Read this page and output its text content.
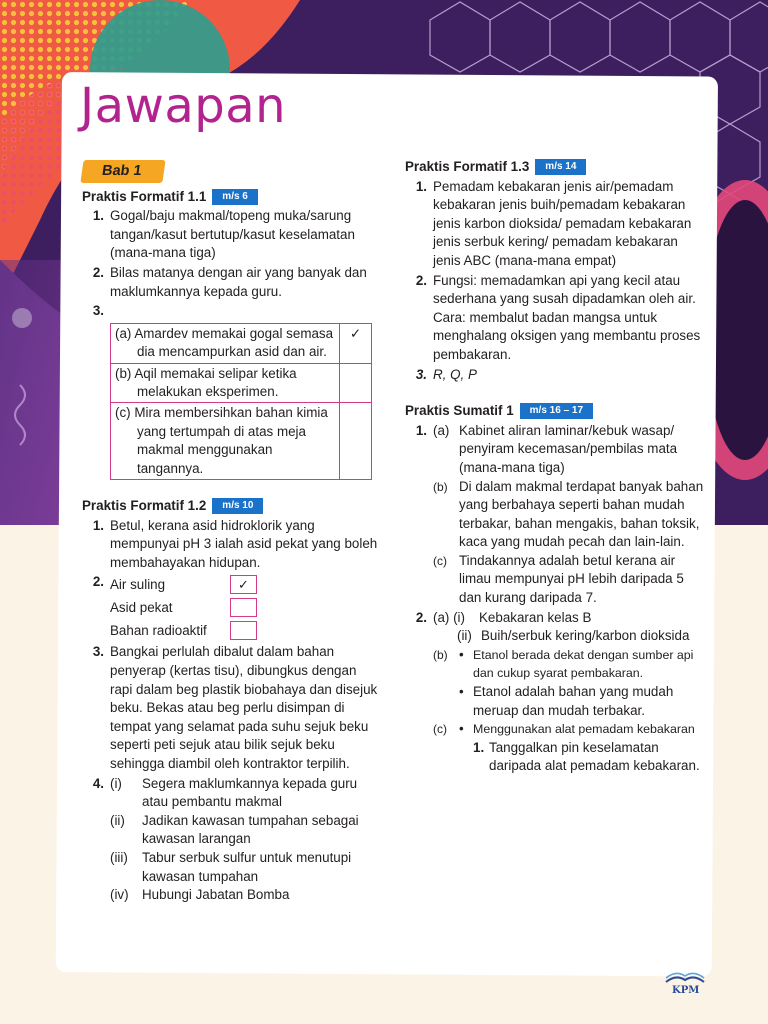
Jawapan
Bab 1
Praktis Formatif 1.1	m/s 6
1. Gogal/baju makmal/topeng muka/sarung tangan/kasut bertutup/kasut keselamatan (mana-mana tiga)
2. Bilas matanya dengan air yang banyak dan maklumkannya kepada guru.
3.
(a) Amardev memakai gogal semasa dia mencampurkan asid dan air.	✓
(b) Aqil memakai selipar ketika melakukan eksperimen.	
(c) Mira membersihkan bahan kimia yang tertumpah di atas meja makmal menggunakan tangannya.	
Praktis Formatif 1.2	m/s 10
1. Betul, kerana asid hidroklorik yang mempunyai pH 3 ialah asid pekat yang boleh membahayakan hidupan.
2. Air suling	✓
Asid pekat
Bahan radioaktif
3. Bangkai perlulah dibalut dalam bahan penyerap (kertas tisu), dibungkus dengan rapi dalam beg plastik biobahaya dan disejuk beku. Bekas atau beg perlu disimpan di tempat yang selamat pada suhu sejuk beku seperti peti sejuk atau bilik sejuk beku sehingga diambil oleh kontraktor terpilih.
4. (i)	Segera maklumkannya kepada guru atau pembantu makmal
(ii)	Jadikan kawasan tumpahan sebagai kawasan larangan
(iii)	Tabur serbuk sulfur untuk menutupi kawasan tumpahan
(iv)	Hubungi Jabatan Bomba
Praktis Formatif 1.3	m/s 14
1. Pemadam kebakaran jenis air/pemadam kebakaran jenis buih/pemadam kebakaran jenis karbon dioksida/ pemadam kebakaran jenis serbuk kering/ pemadam kebakaran jenis ABC (mana-mana empat)
2. Fungsi: memadamkan api yang kecil atau sederhana yang susah dipadamkan oleh air.
Cara: membalut badan mangsa untuk menghalang oksigen yang membantu proses pembakaran.
3. R, Q, P
Praktis Sumatif 1	m/s 16 – 17
1. (a) Kabinet aliran laminar/kebuk wasap/ penyiram kecemasan/pembilas mata (mana-mana tiga)
(b) Di dalam makmal terdapat banyak bahan yang berbahaya seperti bahan mudah terbakar, bahan mengakis, bahan toksik, kaca yang mudah pecah dan lain-lain.
(c) Tindakannya adalah betul kerana air limau mempunyai pH lebih daripada 5 dan kurang daripada 7.
2. (a) (i)	Kebakaran kelas B
(ii) Buih/serbuk kering/karbon dioksida
(b) • Etanol berada dekat dengan sumber api dan cukup syarat pembakaran.
• Etanol adalah bahan yang mudah meruap dan mudah terbakar.
(c) • Menggunakan alat pemadam kebakaran
1. Tanggalkan pin keselamatan daripada alat pemadam kebakaran.
KPM
